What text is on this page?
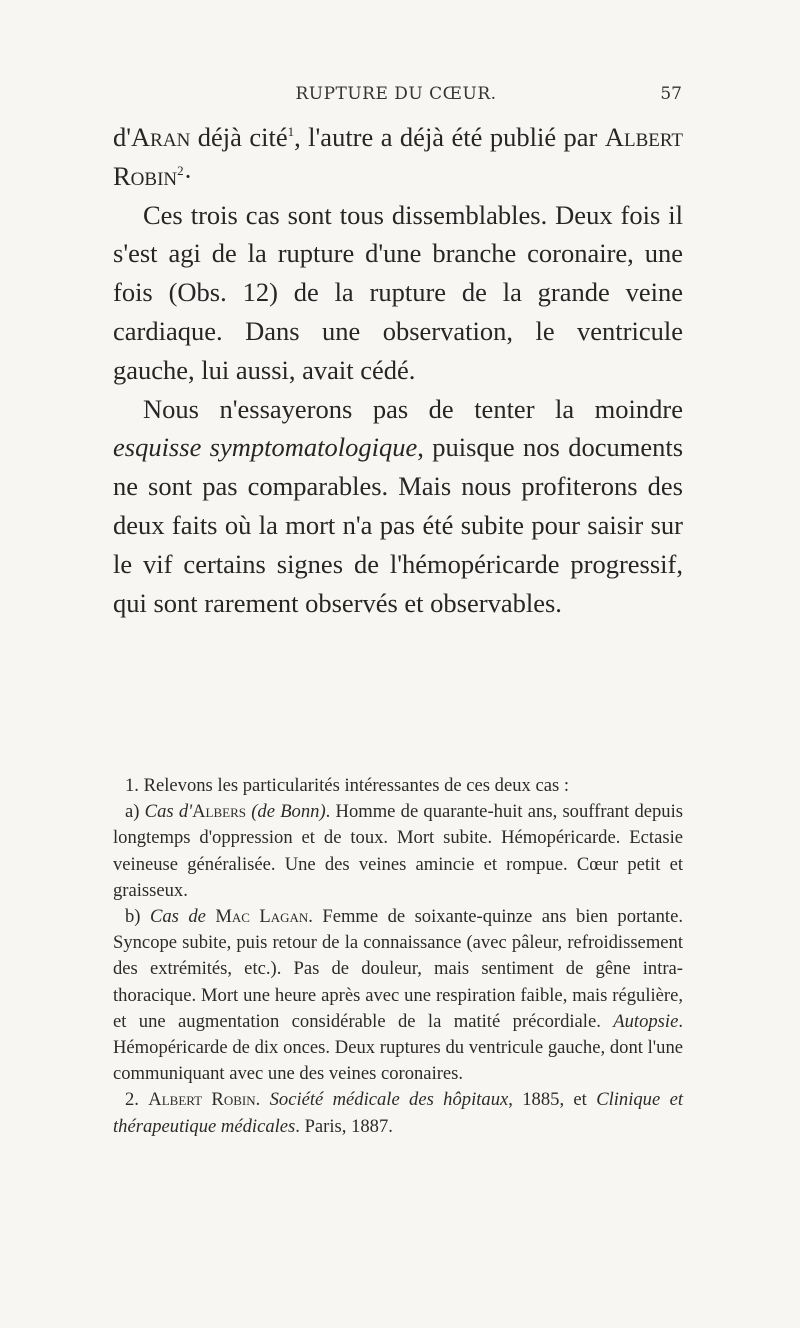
RUPTURE DU CŒUR.	57

d'Aran déjà cité$^1$, l'autre a déjà été publié par Albert Robin$^2$·

Ces trois cas sont tous dissemblables. Deux fois il s'est agi de la rupture d'une branche coronaire, une fois (Obs. 12) de la rupture de la grande veine cardiaque. Dans une observation, le ventricule gauche, lui aussi, avait cédé.

Nous n'essayerons pas de tenter la moindre esquisse symptomatologique, puisque nos documents ne sont pas comparables. Mais nous profiterons des deux faits où la mort n'a pas été subite pour saisir sur le vif certains signes de l'hémopéricarde progressif, qui sont rarement observés et observables.

1. Relevons les particularités intéressantes de ces deux cas :

a) Cas d'Albers (de Bonn). Homme de quarante-huit ans, souffrant depuis longtemps d'oppression et de toux. Mort subite. Hémopéricarde. Ectasie veineuse généralisée. Une des veines amincie et rompue. Cœur petit et graisseux.

b) Cas de Mac Lagan. Femme de soixante-quinze ans bien portante. Syncope subite, puis retour de la connaissance (avec pâleur, refroidissement des extrémités, etc.). Pas de douleur, mais sentiment de gêne intra-thoracique. Mort une heure après avec une respiration faible, mais régulière, et une augmentation considérable de la matité précordiale. Autopsie. Hémopéricarde de dix onces. Deux ruptures du ventricule gauche, dont l'une communiquant avec une des veines coronaires.

2. Albert Robin. Société médicale des hôpitaux, 1885, et Clinique et thérapeutique médicales. Paris, 1887.
